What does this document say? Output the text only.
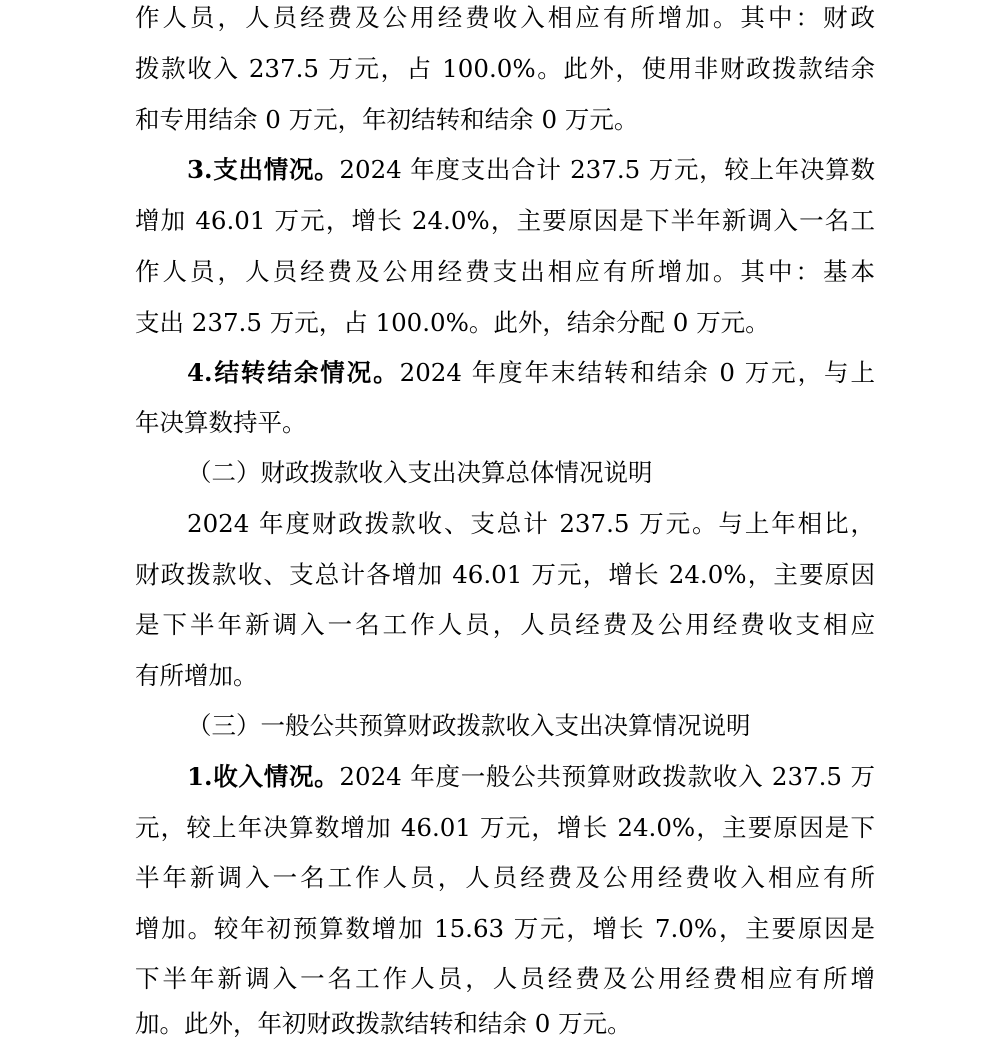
作人员，人员经费及公用经费收入相应有所增加。其中：财政
拨款收入 237.5 万元，占 100.0%。此外，使用非财政拨款结余
和专用结余 0 万元，年初结转和结余 0 万元。
3.支出情况。2024 年度支出合计 237.5 万元，较上年决算数
增加 46.01 万元，增长 24.0%，主要原因是下半年新调入一名工
作人员，人员经费及公用经费支出相应有所增加。其中：基本
支出 237.5 万元，占 100.0%。此外，结余分配 0 万元。
4.结转结余情况。2024 年度年末结转和结余 0 万元，与上
年决算数持平。
（二）财政拨款收入支出决算总体情况说明
2024 年度财政拨款收、支总计 237.5 万元。与上年相比，
财政拨款收、支总计各增加 46.01 万元，增长 24.0%，主要原因
是下半年新调入一名工作人员，人员经费及公用经费收支相应
有所增加。
（三）一般公共预算财政拨款收入支出决算情况说明
1.收入情况。2024 年度一般公共预算财政拨款收入 237.5 万
元，较上年决算数增加 46.01 万元，增长 24.0%，主要原因是下
半年新调入一名工作人员，人员经费及公用经费收入相应有所
增加。较年初预算数增加 15.63 万元，增长 7.0%，主要原因是
下半年新调入一名工作人员，人员经费及公用经费相应有所增
加。此外，年初财政拨款结转和结余 0 万元。
